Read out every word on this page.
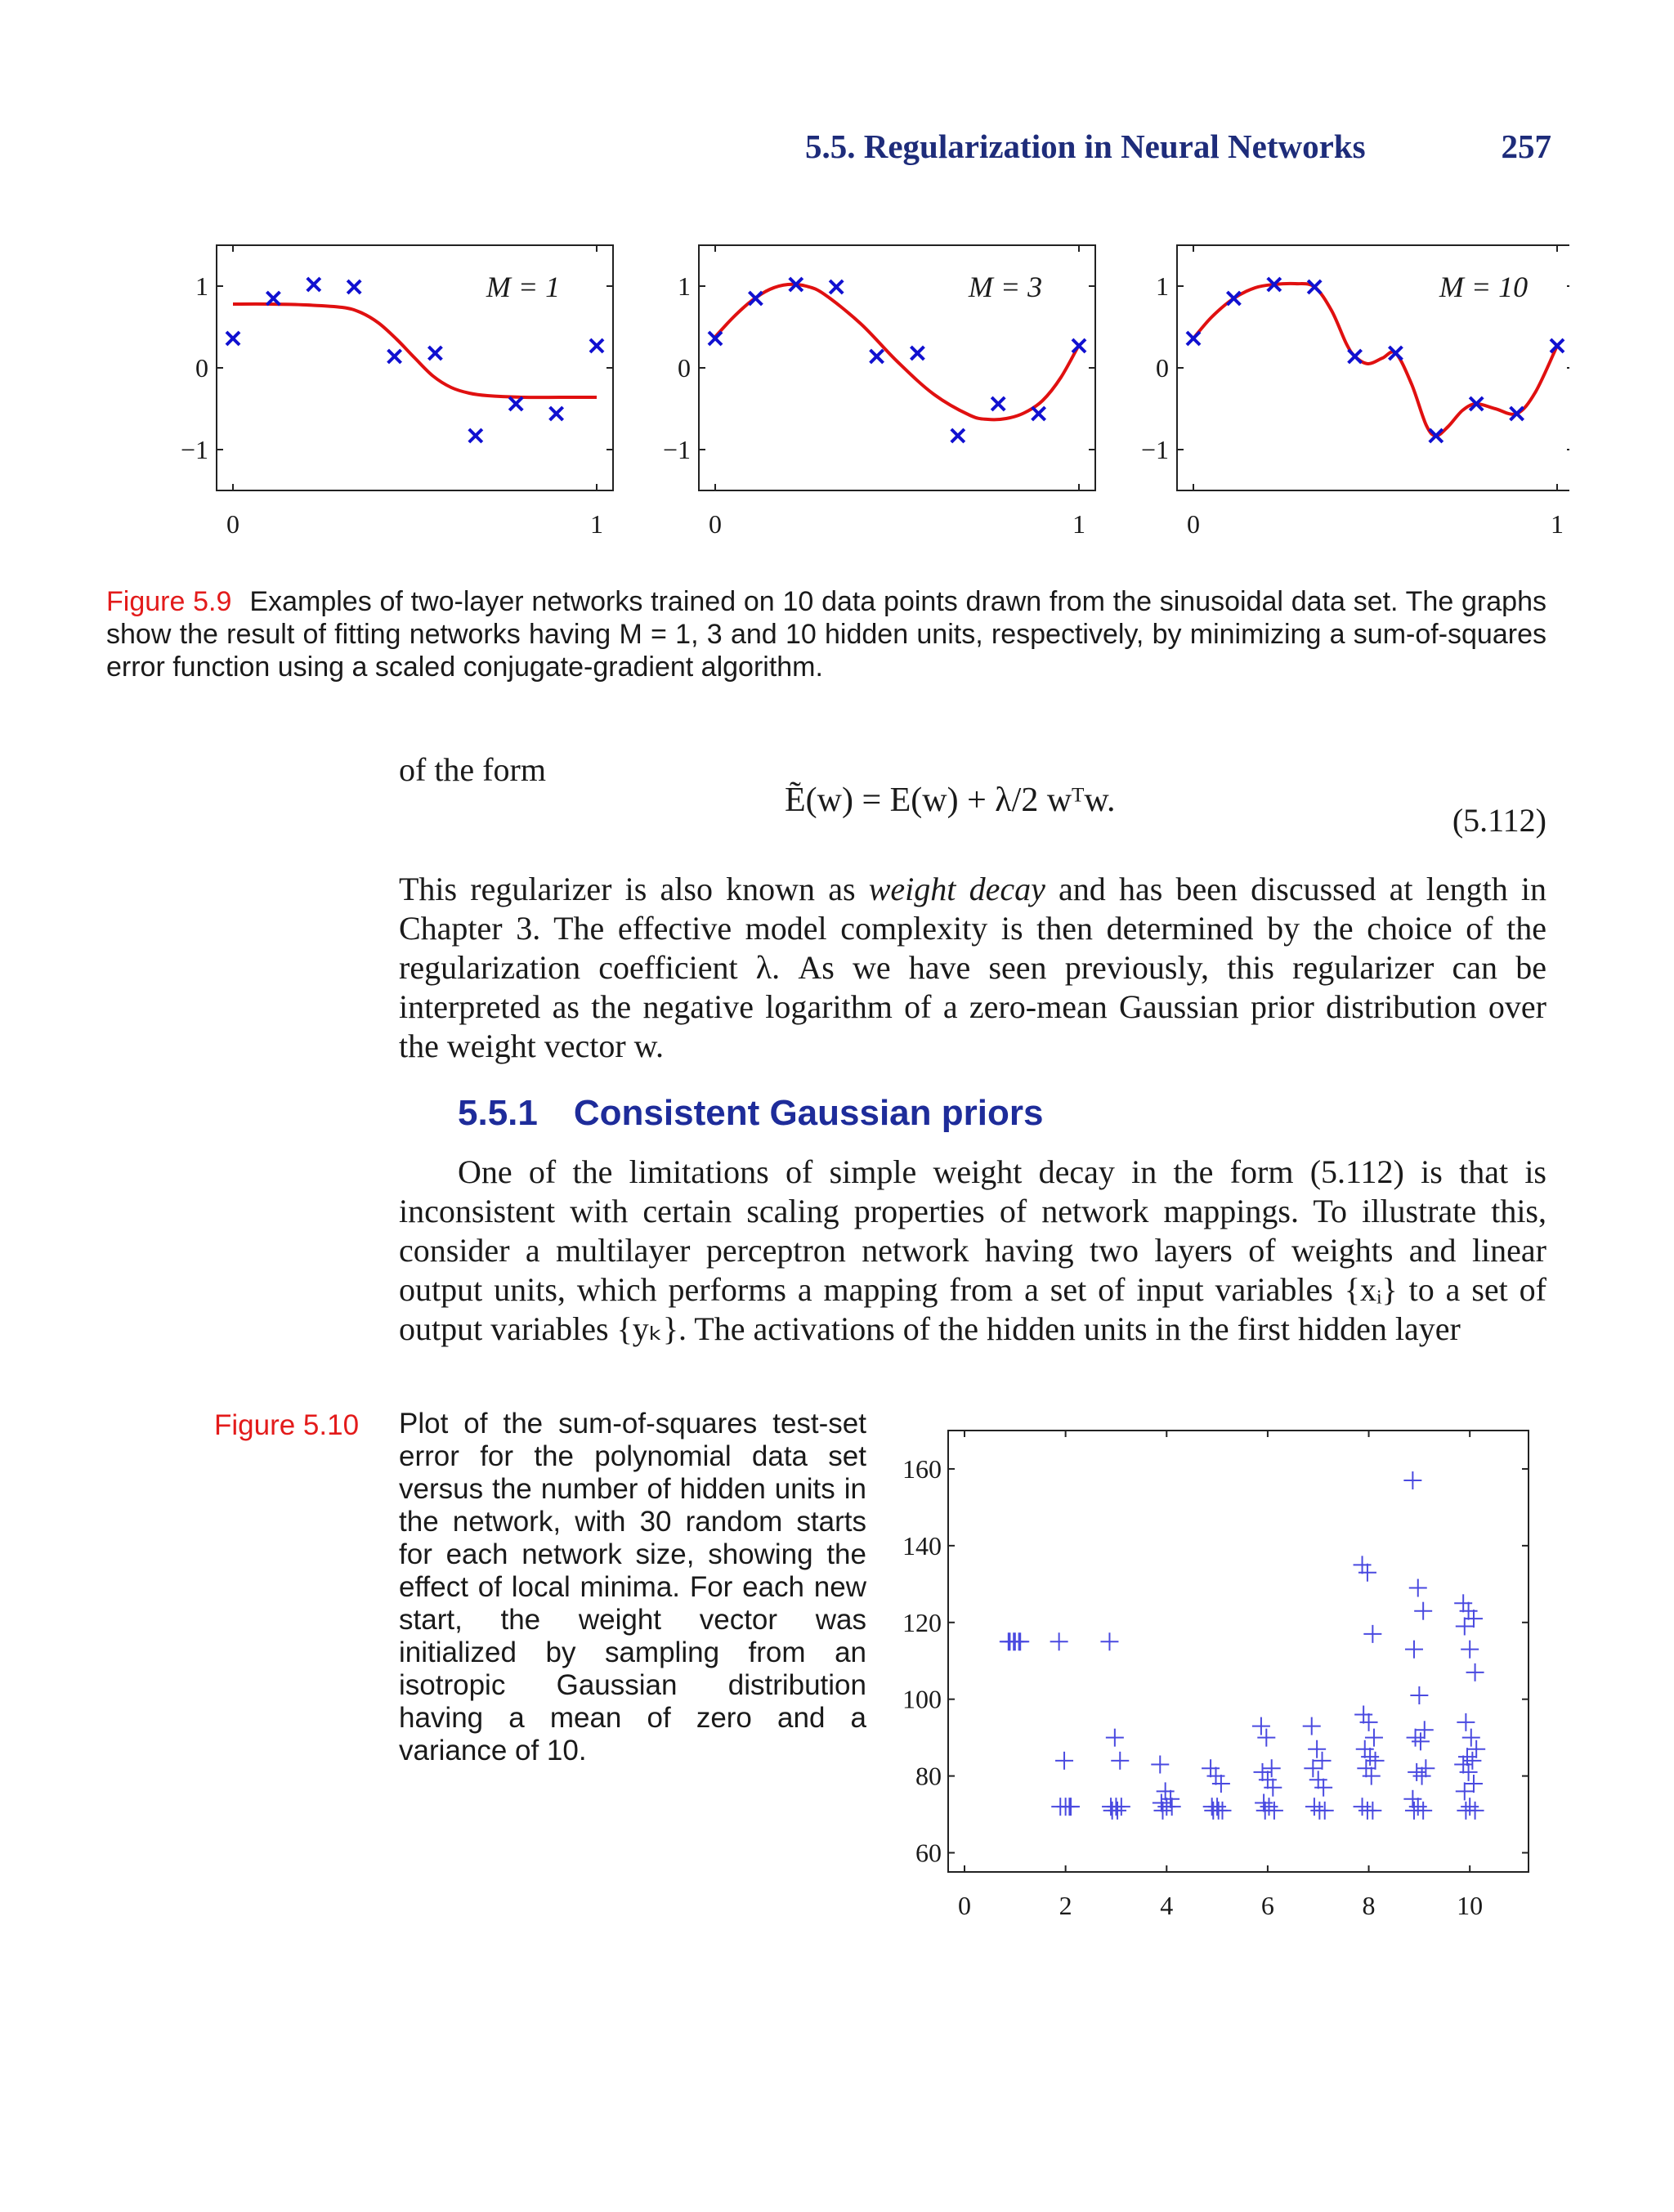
5.5. Regularization in Neural Networks	257
1
0
−1
0	1
M = 1	1
0
−1
0	1
M = 3	1
0
−1
0	1
M = 10
Figure 5.9 Examples of two-layer networks trained on 10 data points drawn from the sinusoidal data set. The graphs show the result of fitting networks having M = 1, 3 and 10 hidden units, respectively, by minimizing a sum-of-squares error function using a scaled conjugate-gradient algorithm.
of the form
Ẽ(w) = E(w) + λ/2 wᵀw.
(5.112)
This regularizer is also known as weight decay and has been discussed at length in Chapter 3. The effective model complexity is then determined by the choice of the regularization coefficient λ. As we have seen previously, this regularizer can be interpreted as the negative logarithm of a zero-mean Gaussian prior distribution over the weight vector w.
5.5.1 Consistent Gaussian priors
One of the limitations of simple weight decay in the form (5.112) is that is inconsistent with certain scaling properties of network mappings. To illustrate this, consider a multilayer perceptron network having two layers of weights and linear output units, which performs a mapping from a set of input variables {xᵢ} to a set of output variables {yₖ}. The activations of the hidden units in the first hidden layer
Figure 5.10 Plot of the sum-of-squares test-set error for the polynomial data set versus the number of hidden units in the network, with 30 random starts for each network size, showing the effect of local minima. For each new start, the weight vector was initialized by sampling from an isotropic Gaussian distribution having a mean of zero and a variance of 10.
60
80
100
120
140
160
0	2	4	6	8	10
